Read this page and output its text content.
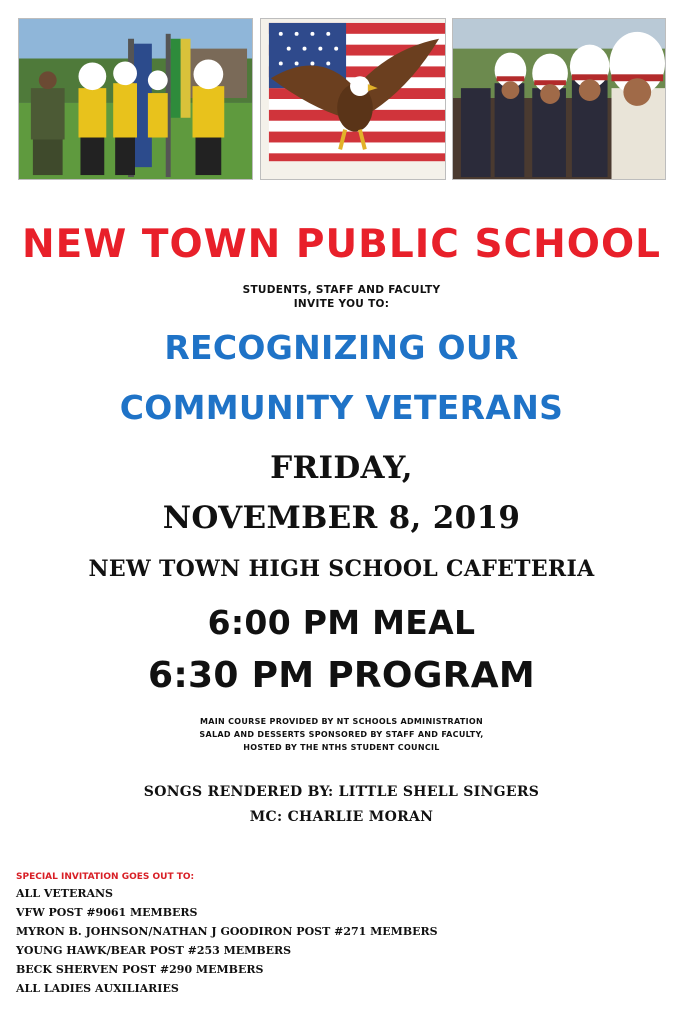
NEW TOWN PUBLIC SCHOOL
STUDENTS, STAFF AND FACULTY
INVITE YOU TO:
RECOGNIZING OUR
COMMUNITY VETERANS
FRIDAY,
NOVEMBER 8, 2019
NEW TOWN HIGH SCHOOL CAFETERIA
6:00 PM MEAL
6:30 PM PROGRAM
MAIN COURSE PROVIDED BY NT SCHOOLS ADMINISTRATION
SALAD AND DESSERTS SPONSORED BY STAFF AND FACULTY,
HOSTED BY THE NTHS STUDENT COUNCIL
SONGS RENDERED BY: LITTLE SHELL SINGERS
MC: CHARLIE MORAN
SPECIAL INVITATION GOES OUT TO:
ALL VETERANS
VFW POST #9061 MEMBERS
MYRON B. JOHNSON/NATHAN J GOODIRON POST #271 MEMBERS
YOUNG HAWK/BEAR POST #253 MEMBERS
BECK SHERVEN POST #290 MEMBERS
ALL LADIES AUXILIARIES
